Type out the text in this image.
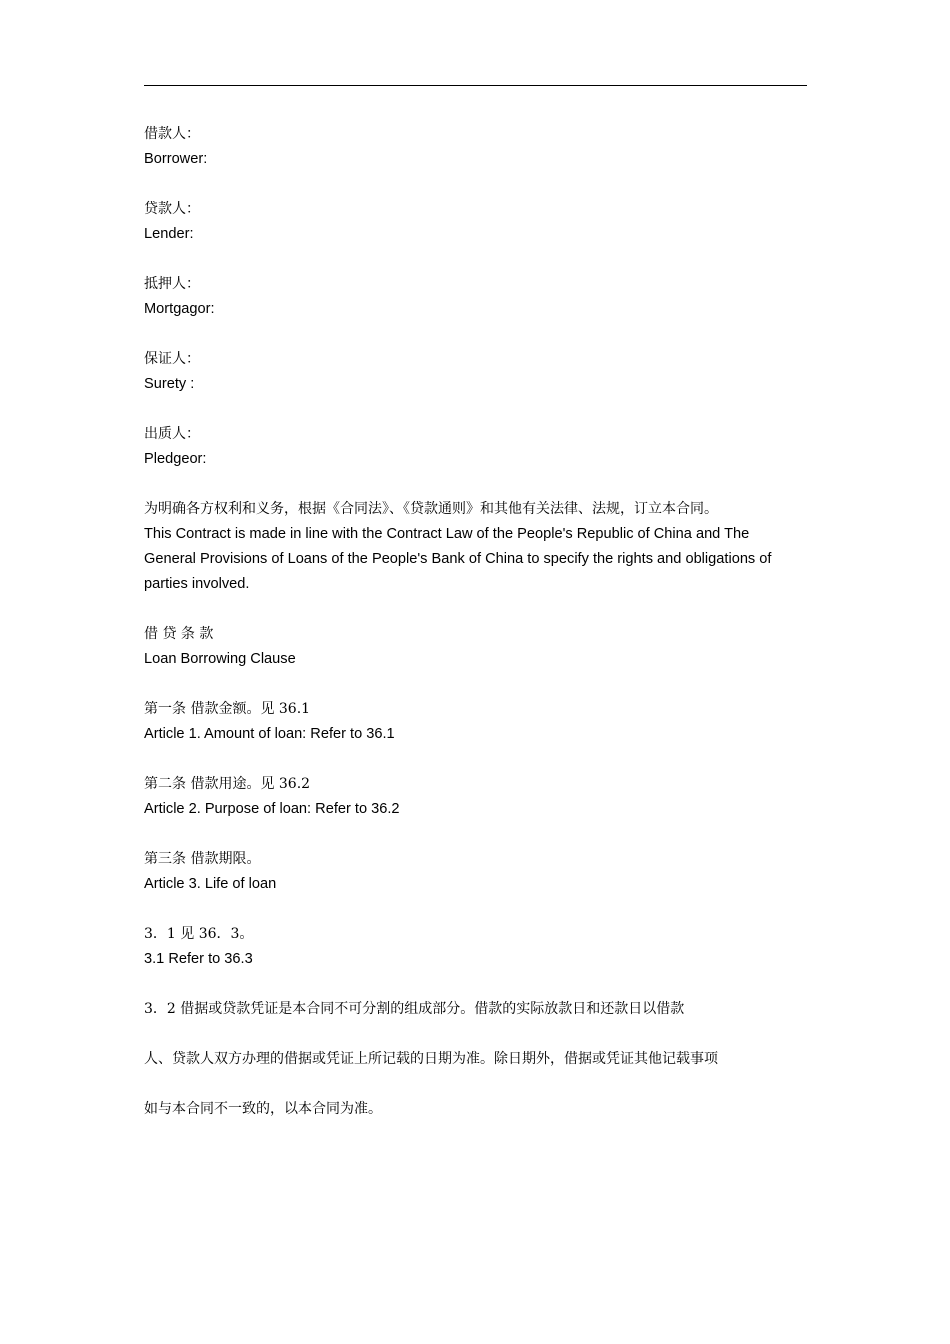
借款人：
Borrower:
贷款人：
Lender:
抵押人：
Mortgagor:
保证人：
Surety :
出质人：
Pledgeor:
为明确各方权利和义务，根据《合同法》、《贷款通则》和其他有关法律、法规，订立本合同。
This Contract is made in line with the Contract Law of the People's Republic of China and The
General Provisions of Loans of the People's Bank of China to specify the rights and obligations of
parties involved.
借 贷 条 款
Loan Borrowing Clause
第一条 借款金额。见 36.1
Article 1. Amount of loan: Refer to 36.1
第二条 借款用途。见 36.2
Article 2. Purpose of loan: Refer to 36.2
第三条 借款期限。
Article 3. Life of loan
3．1 见 36．3。
3.1 Refer to 36.3
3．2 借据或贷款凭证是本合同不可分割的组成部分。借款的实际放款日和还款日以借款
人、贷款人双方办理的借据或凭证上所记载的日期为准。除日期外，借据或凭证其他记载事项
如与本合同不一致的，以本合同为准。
